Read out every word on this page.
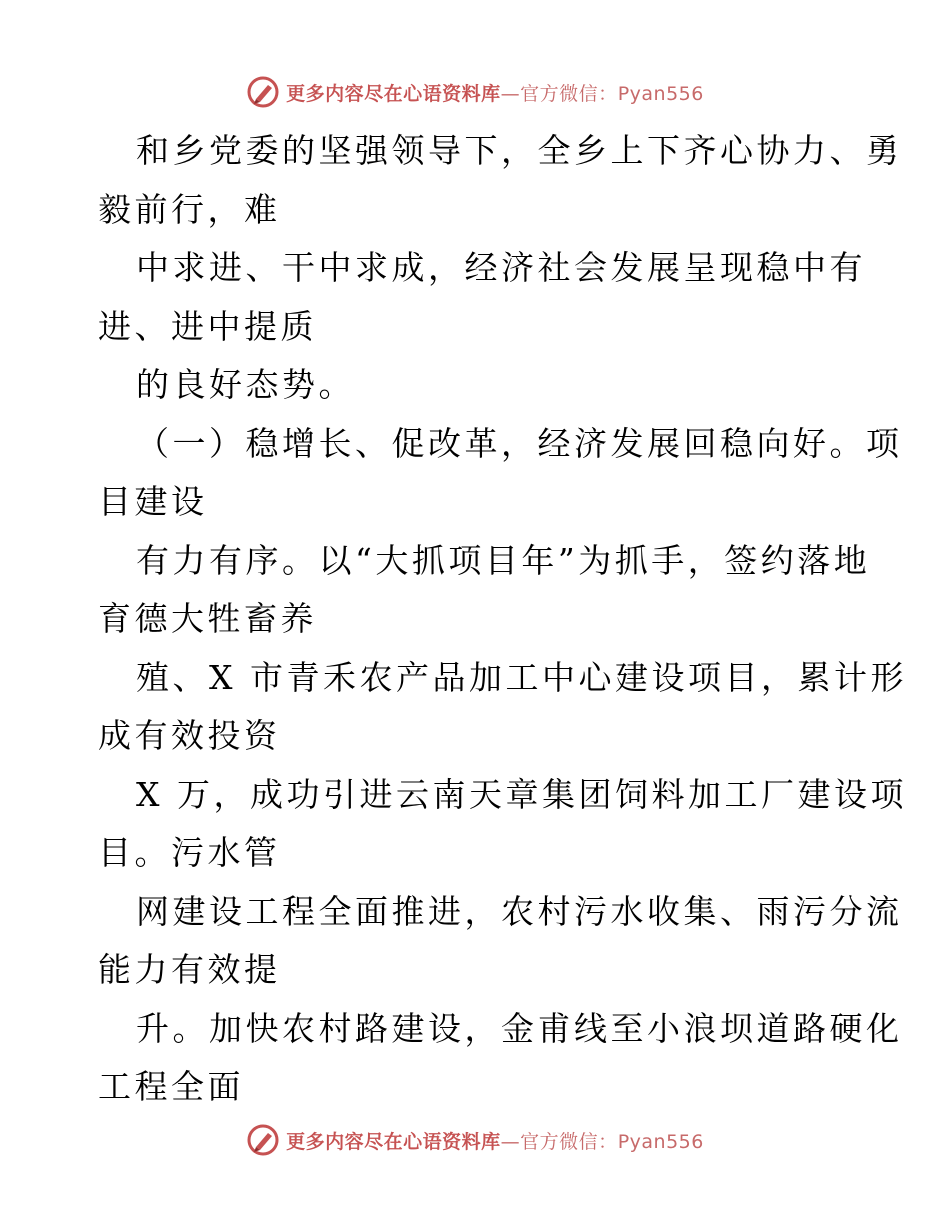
更多内容尽在心语资料库—官方微信：Pyan556
和乡党委的坚强领导下，全乡上下齐心协力、勇
毅前行，难
中求进、干中求成，经济社会发展呈现稳中有
进、进中提质
的良好态势。
（一）稳增长、促改革，经济发展回稳向好。项
目建设
有力有序。以“大抓项目年”为抓手，签约落地
育德大牲畜养
殖、X 市青禾农产品加工中心建设项目，累计形
成有效投资
X 万，成功引进云南天章集团饲料加工厂建设项
目。污水管
网建设工程全面推进，农村污水收集、雨污分流
能力有效提
升。加快农村路建设，金甫线至小浪坝道路硬化
工程全面
更多内容尽在心语资料库—官方微信：Pyan556
